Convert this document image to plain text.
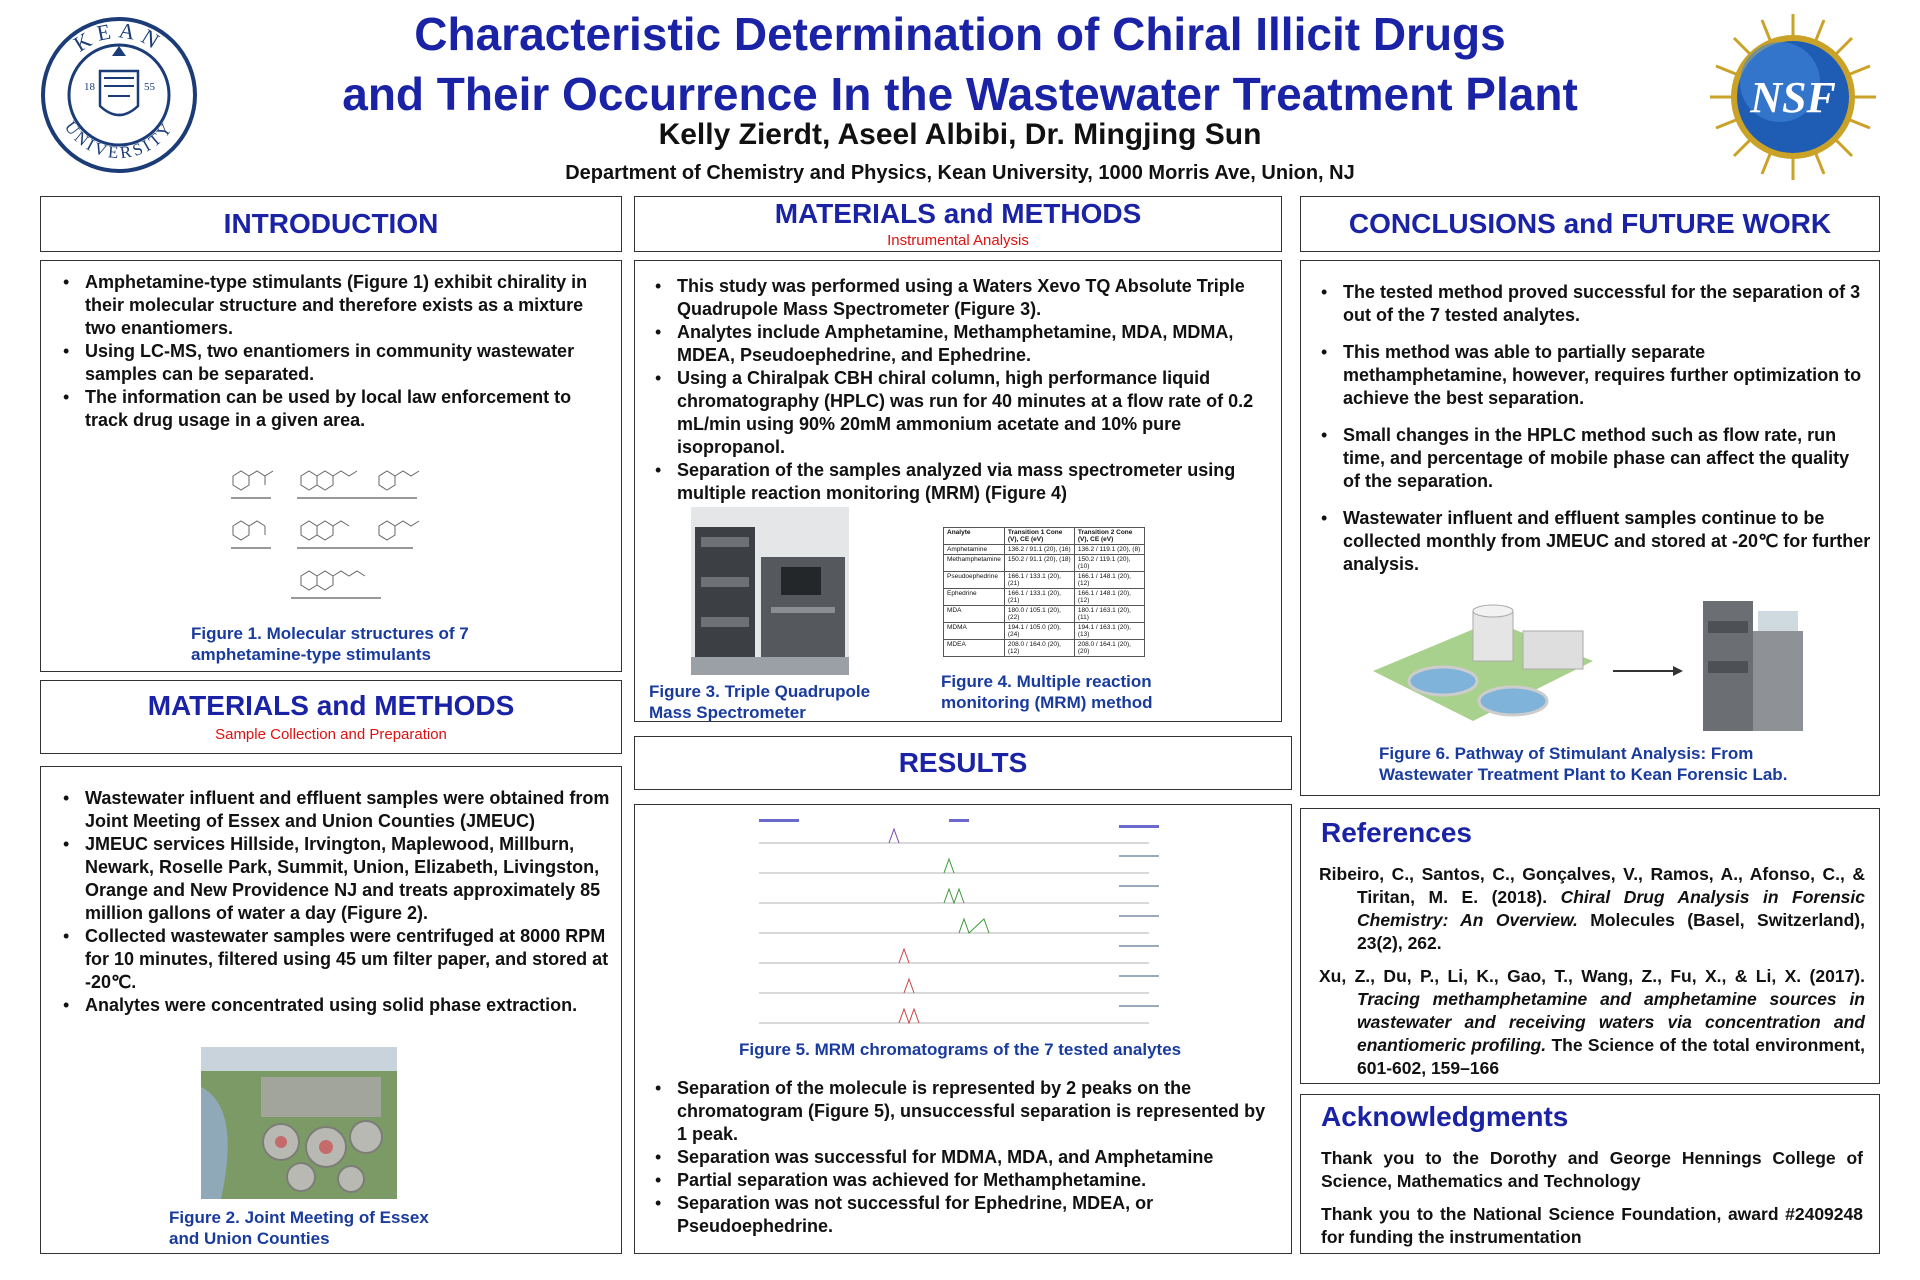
KEAN
UNIVERSITY
18	55
Characteristic Determination of Chiral Illicit Drugs
and Their Occurrence In the Wastewater Treatment Plant
Kelly Zierdt, Aseel Albibi, Dr. Mingjing Sun
Department of Chemistry and Physics, Kean University, 1000 Morris Ave, Union, NJ
NSF
INTRODUCTION
• Amphetamine-type stimulants (Figure 1) exhibit chirality in their molecular structure and therefore exists as a mixture two enantiomers.
• Using LC-MS, two enantiomers in community wastewater samples can be separated.
• The information can be used by local law enforcement to track drug usage in a given area.
Figure 1. Molecular structures of 7 amphetamine-type stimulants
MATERIALS and METHODS
Sample Collection and Preparation
• Wastewater influent and effluent samples were obtained from Joint Meeting of Essex and Union Counties (JMEUC)
• JMEUC services Hillside, Irvington, Maplewood, Millburn, Newark, Roselle Park, Summit, Union, Elizabeth, Livingston, Orange and New Providence NJ and treats approximately 85 million gallons of water a day (Figure 2).
• Collected wastewater samples were centrifuged at 8000 RPM for 10 minutes, filtered using 45 um filter paper, and stored at -20℃.
• Analytes were concentrated using solid phase extraction.
Figure 2. Joint Meeting of Essex and Union Counties
MATERIALS and METHODS
Instrumental Analysis
• This study was performed using a Waters Xevo TQ Absolute Triple Quadrupole Mass Spectrometer (Figure 3).
• Analytes include Amphetamine, Methamphetamine, MDA, MDMA, MDEA, Pseudoephedrine, and Ephedrine.
• Using a Chiralpak CBH chiral column, high performance liquid chromatography (HPLC) was run for 40 minutes at a flow rate of 0.2 mL/min using 90% 20mM ammonium acetate and 10% pure isopropanol.
• Separation of the samples analyzed via mass spectrometer using multiple reaction monitoring (MRM) (Figure 4)
Figure 3. Triple Quadrupole Mass Spectrometer
Analyte	Transition 1 Cone (V), CE (eV)	Transition 2 Cone (V), CE (eV)
Amphetamine	136.2 / 91.1 (20), (16)	136.2 / 119.1 (20), (8)
Methamphetamine	150.2 / 91.1 (20), (18)	150.2 / 119.1 (20), (10)
Pseudoephedrine	166.1 / 133.1 (20), (21)	166.1 / 148.1 (20), (12)
Ephedrine	166.1 / 133.1 (20), (21)	166.1 / 148.1 (20), (12)
MDA	180.0 / 105.1 (20), (22)	180.1 / 163.1 (20), (11)
MDMA	194.1 / 105.0 (20), (24)	194.1 / 163.1 (20), (13)
MDEA	208.0 / 164.0 (20), (12)	208.0 / 164.1 (20), (20)
Figure 4. Multiple reaction monitoring (MRM) method
RESULTS
Figure 5. MRM chromatograms of the 7 tested analytes
• Separation of the molecule is represented by 2 peaks on the chromatogram (Figure 5), unsuccessful separation is represented by 1 peak.
• Separation was successful for MDMA, MDA, and Amphetamine
• Partial separation was achieved for Methamphetamine.
• Separation was not successful for Ephedrine, MDEA, or Pseudoephedrine.
CONCLUSIONS and FUTURE WORK
• The tested method proved successful for the separation of 3 out of the 7 tested analytes.
• This method was able to partially separate methamphetamine, however, requires further optimization to achieve the best separation.
• Small changes in the HPLC method such as flow rate, run time, and percentage of mobile phase can affect the quality of the separation.
• Wastewater influent and effluent samples continue to be collected monthly from JMEUC and stored at -20℃ for further analysis.
Figure 6. Pathway of Stimulant Analysis: From Wastewater Treatment Plant to Kean Forensic Lab.
References
Ribeiro, C., Santos, C., Gonçalves, V., Ramos, A., Afonso, C., & Tiritan, M. E. (2018). Chiral Drug Analysis in Forensic Chemistry: An Overview. Molecules (Basel, Switzerland), 23(2), 262.
Xu, Z., Du, P., Li, K., Gao, T., Wang, Z., Fu, X., & Li, X. (2017). Tracing methamphetamine and amphetamine sources in wastewater and receiving waters via concentration and enantiomeric profiling. The Science of the total environment, 601-602, 159–166
Acknowledgments
Thank you to the Dorothy and George Hennings College of Science, Mathematics and Technology
Thank you to the National Science Foundation, award #2409248 for funding the instrumentation
